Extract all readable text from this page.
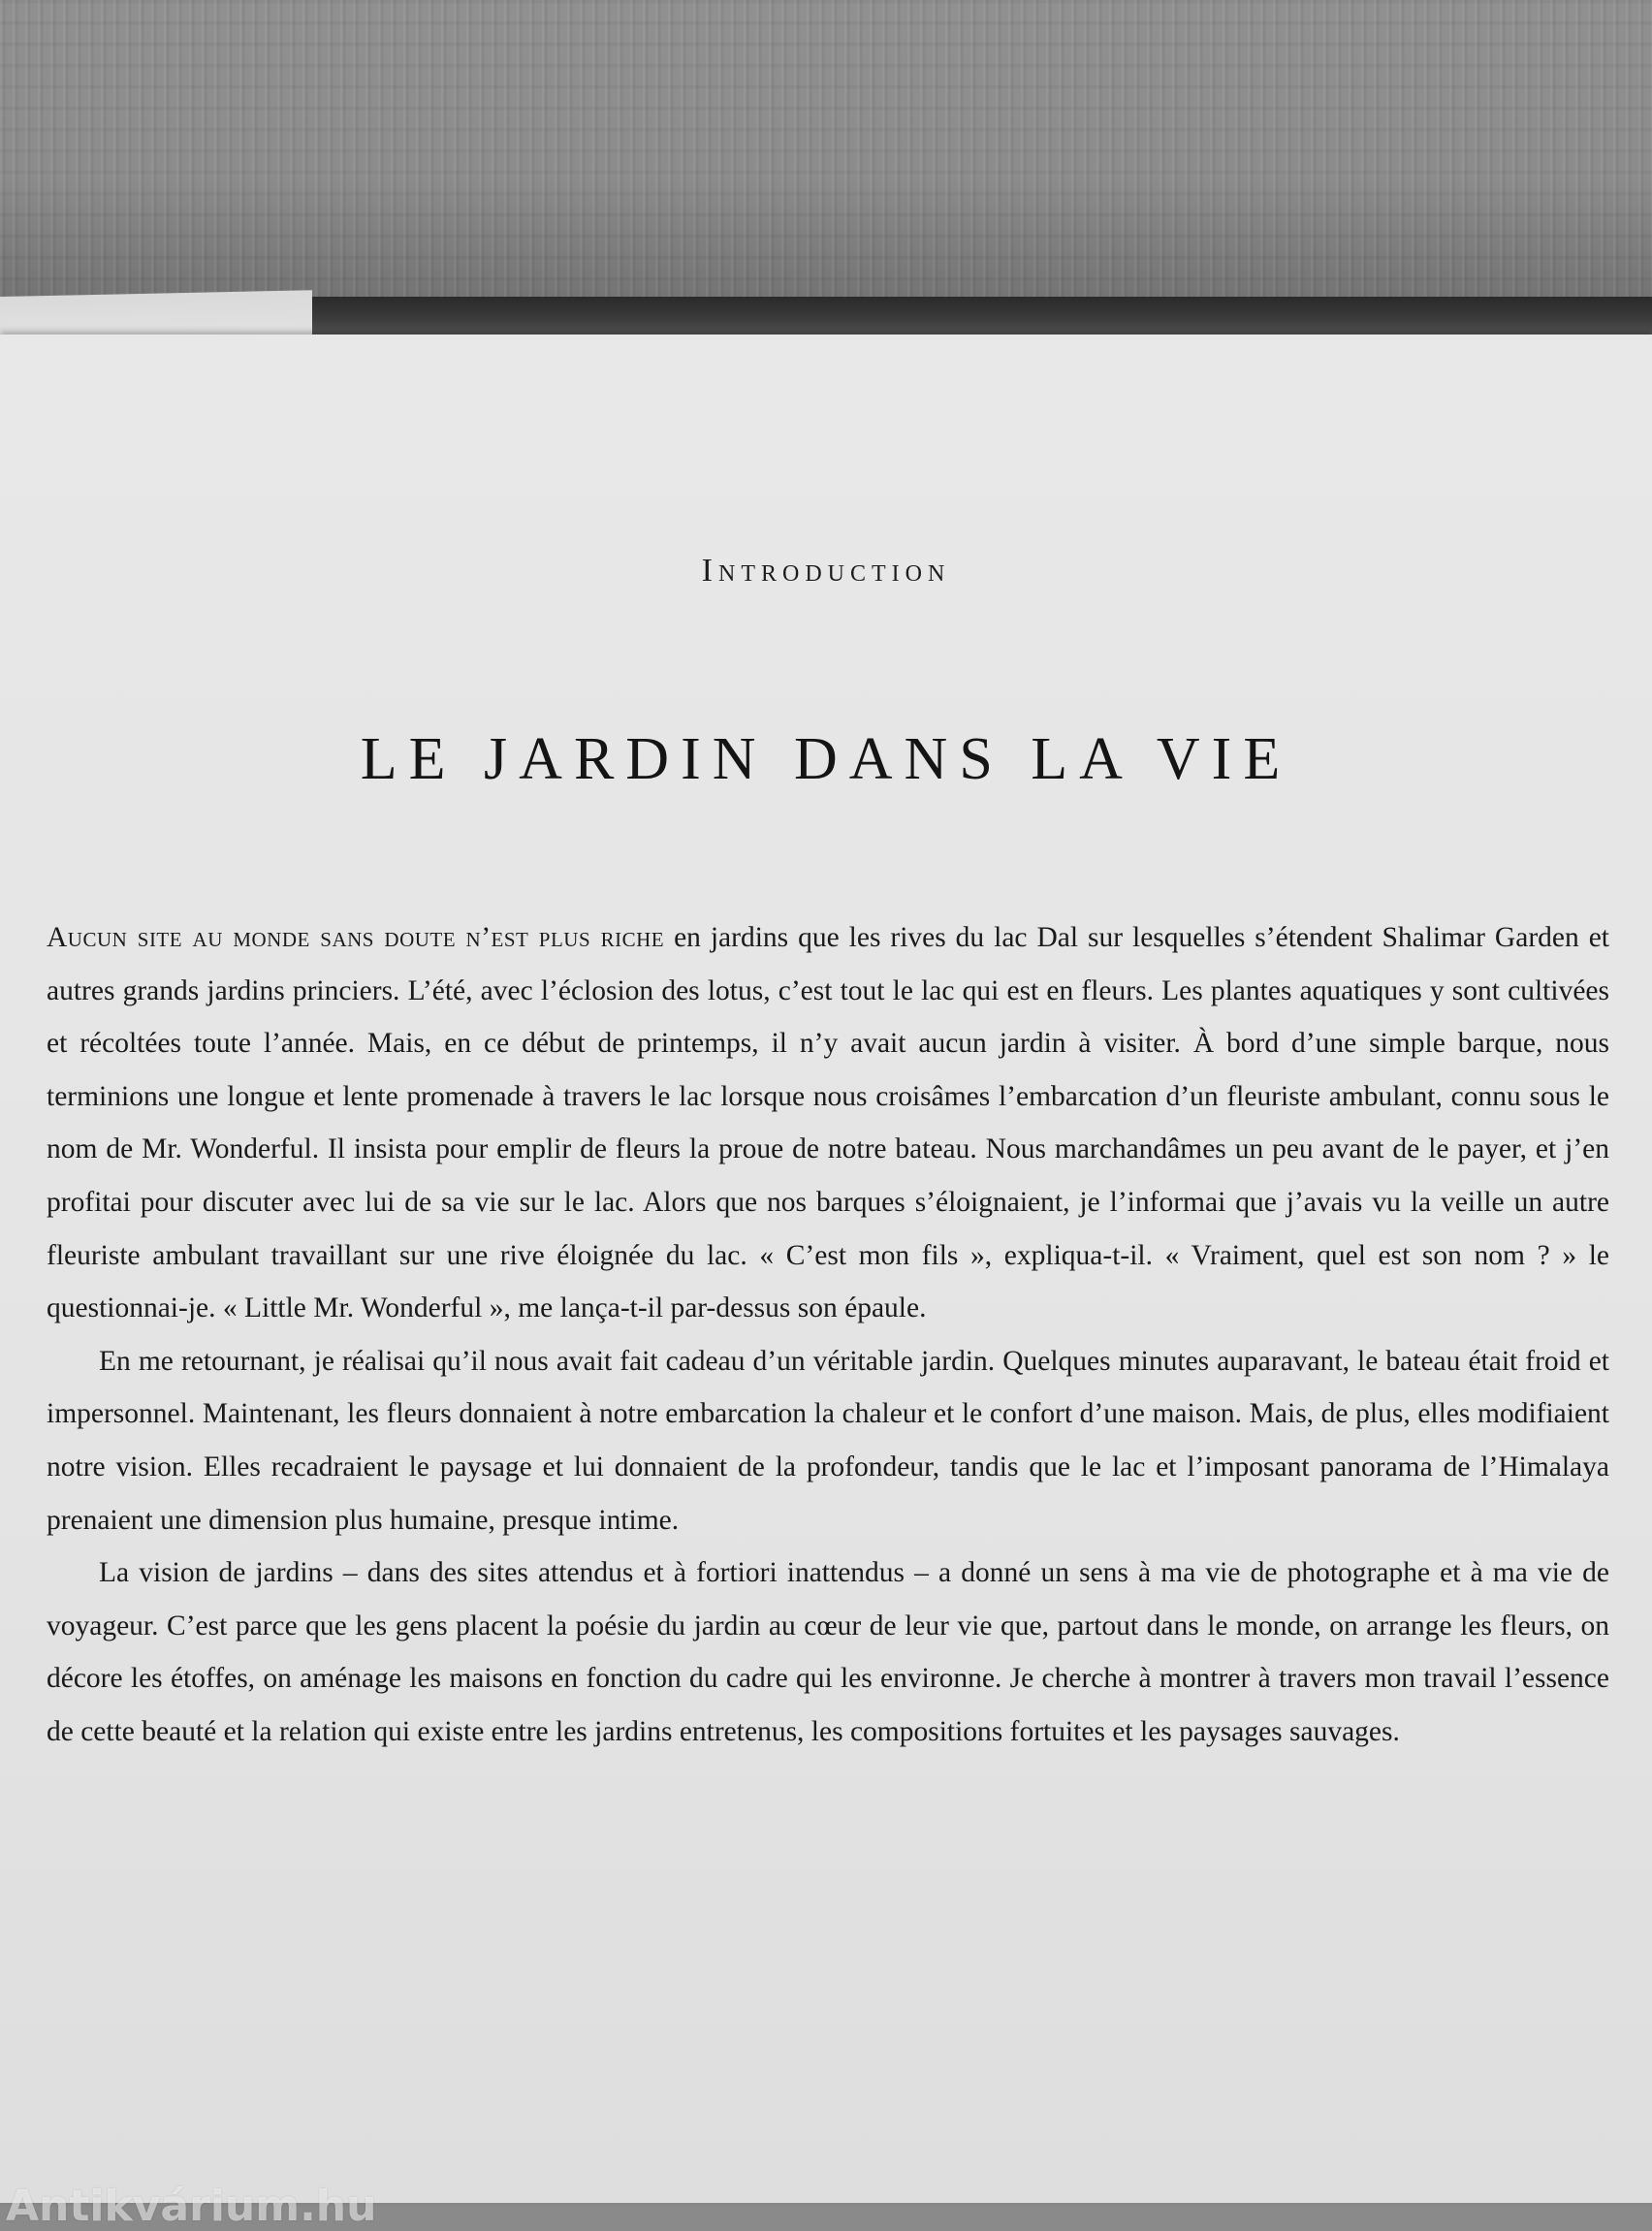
Introduction
LE JARDIN DANS LA VIE

Aucun site au monde sans doute n’est plus riche en jardins que les rives du lac Dal sur lesquelles s’étendent Shalimar Garden et autres grands jardins princiers. L’été, avec l’éclosion des lotus, c’est tout le lac qui est en fleurs. Les plantes aquatiques y sont cultivées et récoltées toute l’année. Mais, en ce début de printemps, il n’y avait aucun jardin à visiter. À bord d’une simple barque, nous terminions une longue et lente promenade à travers le lac lorsque nous croisâmes l’embarcation d’un fleuriste ambulant, connu sous le nom de Mr. Wonderful. Il insista pour emplir de fleurs la proue de notre bateau. Nous marchandâmes un peu avant de le payer, et j’en profitai pour discuter avec lui de sa vie sur le lac. Alors que nos barques s’éloignaient, je l’informai que j’avais vu la veille un autre fleuriste ambulant travaillant sur une rive éloignée du lac. « C’est mon fils », expliqua-t-il. « Vraiment, quel est son nom ? » le questionnai-je. « Little Mr. Wonderful », me lança-t-il par-dessus son épaule.

En me retournant, je réalisai qu’il nous avait fait cadeau d’un véritable jardin. Quelques minutes auparavant, le bateau était froid et impersonnel. Maintenant, les fleurs donnaient à notre embarcation la chaleur et le confort d’une maison. Mais, de plus, elles modifiaient notre vision. Elles recadraient le paysage et lui donnaient de la profondeur, tandis que le lac et l’imposant panorama de l’Himalaya prenaient une dimension plus humaine, presque intime.

La vision de jardins – dans des sites attendus et à fortiori inattendus – a donné un sens à ma vie de photographe et à ma vie de voyageur. C’est parce que les gens placent la poésie du jardin au cœur de leur vie que, partout dans le monde, on arrange les fleurs, on décore les étoffes, on aménage les maisons en fonction du cadre qui les environne. Je cherche à montrer à travers mon travail l’essence de cette beauté et la relation qui existe entre les jardins entretenus, les compositions fortuites et les paysages sauvages.

Antikvárium.hu
